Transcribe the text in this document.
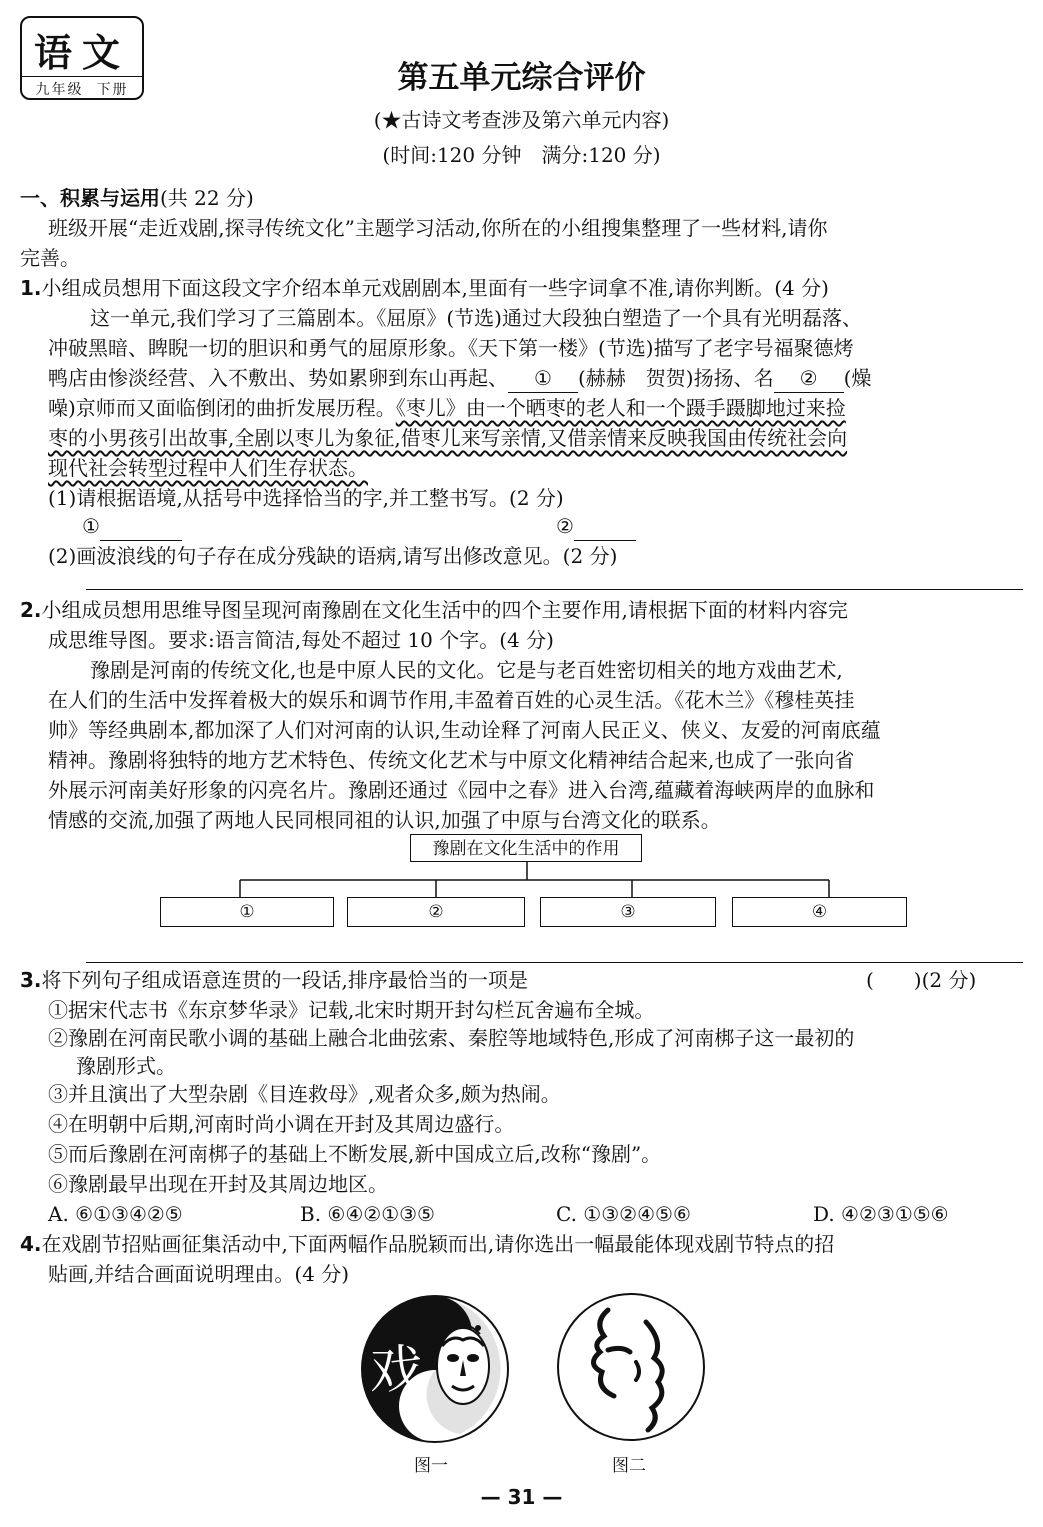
语文
九年级 下册	第五单元综合评价
(★古诗文考查涉及第六单元内容)
(时间:120 分钟　满分:120 分)
一、积累与运用(共 22 分)
班级开展“走近戏剧,探寻传统文化”主题学习活动,你所在的小组搜集整理了一些材料,请你
完善。
1.小组成员想用下面这段文字介绍本单元戏剧剧本,里面有一些字词拿不准,请你判断。(4 分)
这一单元,我们学习了三篇剧本。《屈原》(节选)通过大段独白塑造了一个具有光明磊落、
冲破黑暗、睥睨一切的胆识和勇气的屈原形象。《天下第一楼》(节选)描写了老字号福聚德烤
鸭店由惨淡经营、入不敷出、势如累卵到东山再起、 ① (赫赫　贺贺)扬扬、名 ② (燥
噪)京师而又面临倒闭的曲折发展历程。《枣儿》由一个晒枣的老人和一个蹑手蹑脚地过来捡
枣的小男孩引出故事,全剧以枣儿为象征,借枣儿来写亲情,又借亲情来反映我国由传统社会向
现代社会转型过程中人们生存状态。
(1)请根据语境,从括号中选择恰当的字,并工整书写。(2 分)
①	②
(2)画波浪线的句子存在成分残缺的语病,请写出修改意见。(2 分)
2.小组成员想用思维导图呈现河南豫剧在文化生活中的四个主要作用,请根据下面的材料内容完
成思维导图。要求:语言简洁,每处不超过 10 个字。(4 分)
豫剧是河南的传统文化,也是中原人民的文化。它是与老百姓密切相关的地方戏曲艺术,
在人们的生活中发挥着极大的娱乐和调节作用,丰盈着百姓的心灵生活。《花木兰》《穆桂英挂
帅》等经典剧本,都加深了人们对河南的认识,生动诠释了河南人民正义、侠义、友爱的河南底蕴
精神。豫剧将独特的地方艺术特色、传统文化艺术与中原文化精神结合起来,也成了一张向省
外展示河南美好形象的闪亮名片。豫剧还通过《园中之春》进入台湾,蕴藏着海峡两岸的血脉和
情感的交流,加强了两地人民同根同祖的认识,加强了中原与台湾文化的联系。
豫剧在文化生活中的作用
①	②	③	④
3.将下列句子组成语意连贯的一段话,排序最恰当的一项是	(　　)(2 分)
①据宋代志书《东京梦华录》记载,北宋时期开封勾栏瓦舍遍布全城。
②豫剧在河南民歌小调的基础上融合北曲弦索、秦腔等地域特色,形成了河南梆子这一最初的
豫剧形式。
③并且演出了大型杂剧《目连救母》,观者众多,颇为热闹。
④在明朝中后期,河南时尚小调在开封及其周边盛行。
⑤而后豫剧在河南梆子的基础上不断发展,新中国成立后,改称“豫剧”。
⑥豫剧最早出现在开封及其周边地区。
A. ⑥①③④②⑤	B. ⑥④②①③⑤	C. ①③②④⑤⑥	D. ④②③①⑤⑥
4.在戏剧节招贴画征集活动中,下面两幅作品脱颖而出,请你选出一幅最能体现戏剧节特点的招
贴画,并结合画面说明理由。(4 分)
戏
图一	图二
— 31 —
